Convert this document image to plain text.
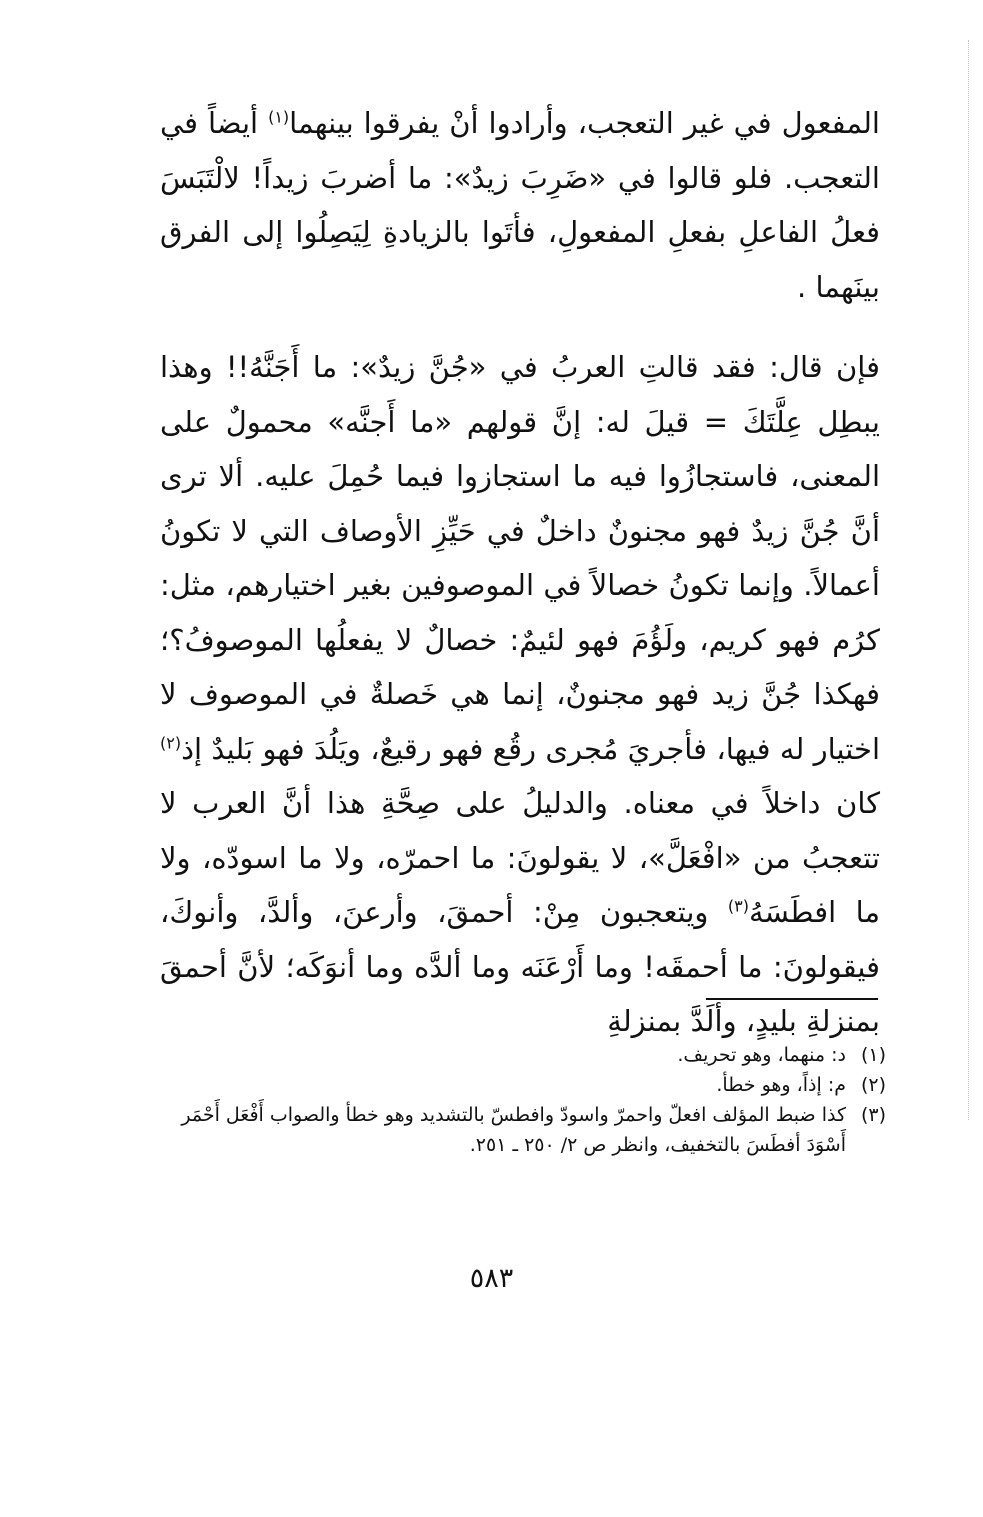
المفعول في غير التعجب، وأرادوا أنْ يفرقوا بينهما$^{(١)}$ أيضاً في التعجب. فلو قالوا في «ضَرِبَ زيدٌ»: ما أضربَ زيداً! لالْتَبَسَ فعلُ الفاعلِ بفعلِ المفعولِ، فأتَوا بالزيادةِ لِيَصِلُوا إلى الفرق بينَهما .

فإن قال: فقد قالتِ العربُ في «جُنَّ زيدٌ»: ما أَجَنَّهُ!! وهذا يبطِل عِلَّتَكَ = قيلَ له: إنَّ قولهم «ما أَجنَّه» محمولٌ على المعنى، فاستجازُوا فيه ما استجازوا فيما حُمِلَ عليه. ألا ترى أنَّ جُنَّ زيدٌ فهو مجنونٌ داخلٌ في حَيِّزِ الأوصاف التي لا تكونُ أعمالاً. وإنما تكونُ خصالاً في الموصوفين بغير اختيارهم، مثل: كرُم فهو كريم، ولَؤُمَ فهو لئيمٌ: خصالٌ لا يفعلُها الموصوفُ؟؛ فهكذا جُنَّ زيد فهو مجنونٌ، إنما هي خَصلةٌ في الموصوف لا اختيار له فيها، فأجريَ مُجرى رقُع فهو رقيعٌ، ويَلُدَ فهو بَليدٌ إذ$^{(٢)}$ كان داخلاً في معناه. والدليلُ على صِحَّةِ هذا أنَّ العرب لا تتعجبُ من «افْعَلَّ»، لا يقولونَ: ما احمرّه، ولا ما اسودّه، ولا ما افطَسَهُ$^{(٣)}$ ويتعجبون مِنْ: أحمقَ، وأرعنَ، وألدَّ، وأنوكَ، فيقولونَ: ما أحمقَه! وما أَرْعَنَه وما ألدَّه وما أنوَكَه؛ لأنَّ أحمقَ بمنزلةِ بليدٍ، وألَدَّ بمنزلةِ

(١)
د: منهما، وهو تحريف.
(٢)
م: إذاً، وهو خطأ.
(٣)
كذا ضبط المؤلف افعلّ واحمرّ واسودّ وافطسّ بالتشديد وهو خطأ والصواب أَفْعَل أَحْمَر أَسْوَدَ أفطَسَ بالتخفيف، وانظر ص ٢/ ٢٥٠ ـ ٢٥١.
٥٨٣
